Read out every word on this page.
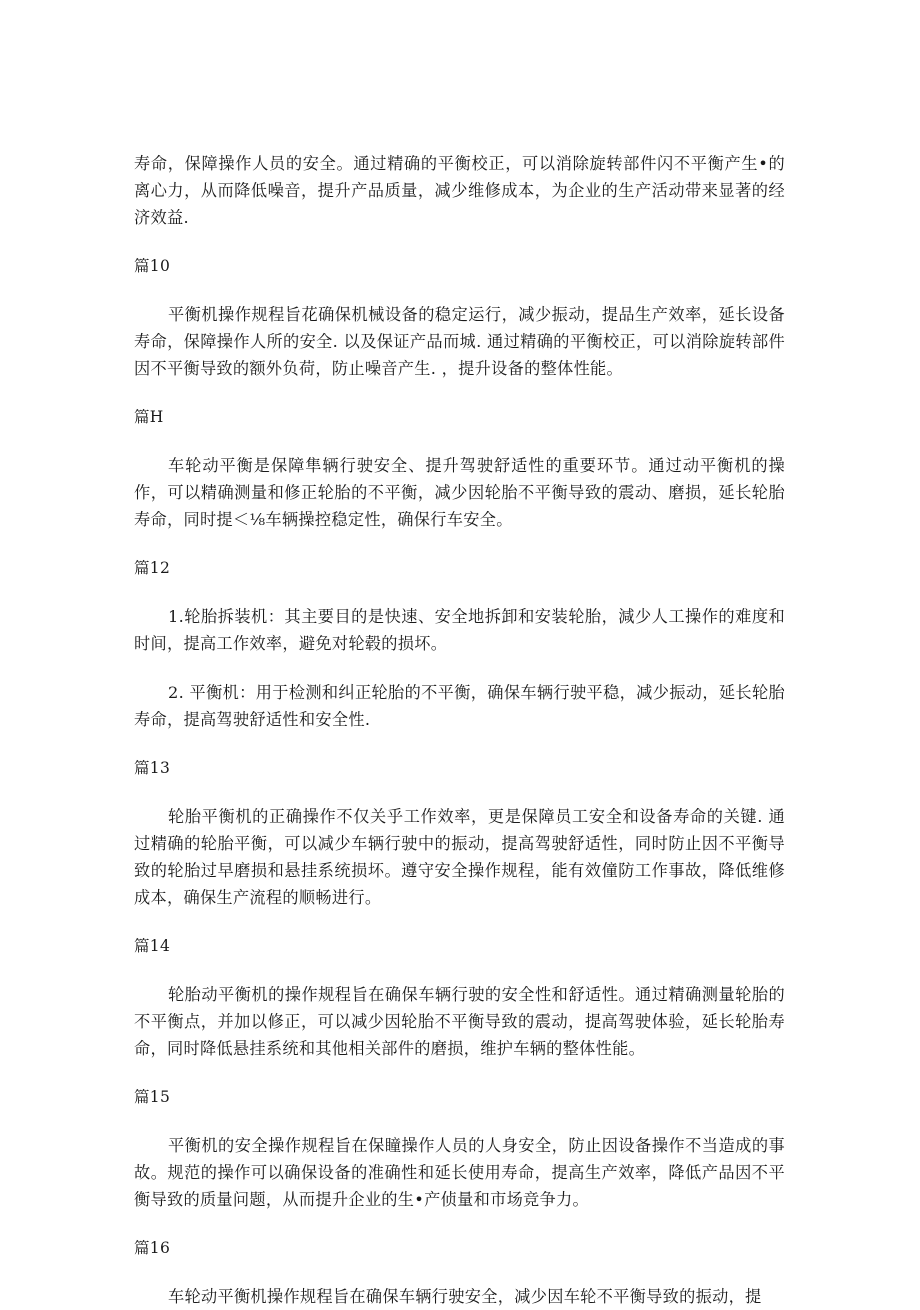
寿命，保障操作人员的安全。通过精确的平衡校正，可以消除旋转部件闪不平衡产生•的离心力，从而降低噪音，提升产品质量，减少维修成本，为企业的生产活动带来显著的经济效益.

篇10

平衡机操作规程旨花确保机械设备的稳定运行，减少振动，提品生产效率，延长设备寿命，保障操作人所的安全. 以及保证产品而城. 通过精确的平衡校正，可以消除旋转部件因不平衡导致的额外负荷，防止噪音产生. ，提升设备的整体性能。

篇H

车轮动平衡是保障隼辆行驶安全、提升驾驶舒适性的重要环节。通过动平衡机的操作，可以精确测量和修正轮胎的不平衡，减少因轮胎不平衡导致的震动、磨损，延长轮胎寿命，同时提＜⅛车辆操控稳定性，确保行车安全。

篇12

1.轮胎拆装机：其主要目的是快速、安全地拆卸和安装轮胎，減少人工操作的难度和时间，提高工作效率，避免对轮毂的损坏。

2. 平衡机：用于检测和纠正轮胎的不平衡，确保车辆行驶平稳，减少振动，延长轮胎寿命，提高驾驶舒适性和安全性.

篇13

轮胎平衡机的正确操作不仅关乎工作效率，更是保障员工安全和设备寿命的关键. 通过精确的轮胎平衡，可以减少车辆行驶中的振动，提高驾驶舒适性，同时防止因不平衡导致的轮胎过早磨损和悬挂系统损坏。遵守安全操作规程，能有效僮防工作事故，降低维修成本，确保生产流程的顺畅进行。

篇14

轮胎动平衡机的操作规程旨在确保车辆行驶的安全性和舒适性。通过精确测量轮胎的不平衡点，并加以修正，可以减少因轮胎不平衡导致的震动，提高驾驶体验，延长轮胎寿命，同时降低悬挂系统和其他相关部件的磨损，维护车辆的整体性能。

篇15

平衡机的安全操作规程旨在保瞳操作人员的人身安全，防止因设备操作不当造成的事故。规范的操作可以确保设备的准确性和延长使用寿命，提高生产效率，降低产品因不平衡导致的质量问题，从而提升企业的生•产侦量和市场竞争力。

篇16

车轮动平衡机操作规程旨在确保车辆行驶安全，减少因车轮不平衡导致的振动，提
